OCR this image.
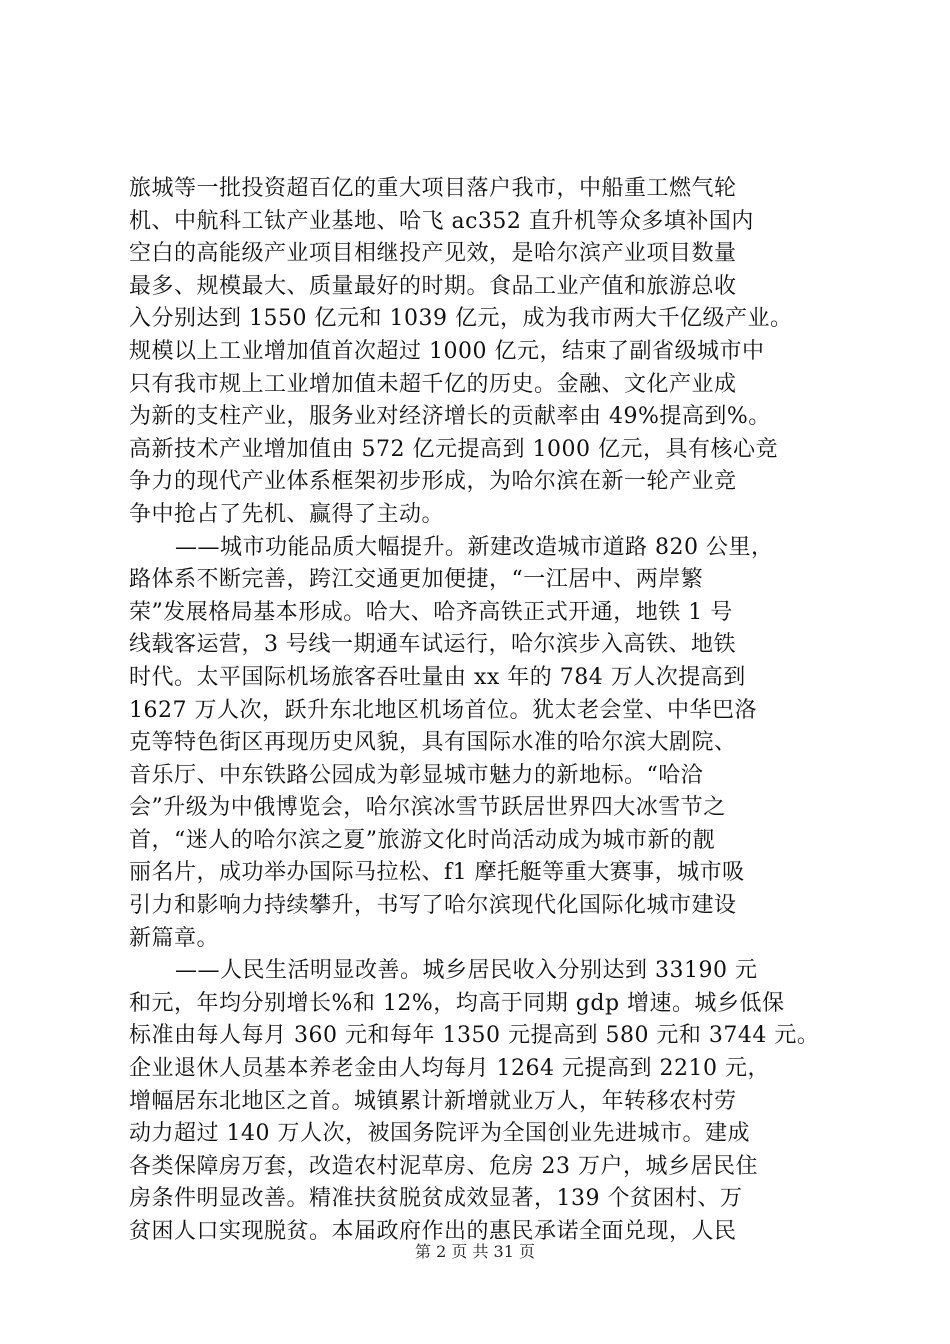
旅城等一批投资超百亿的重大项目落户我市，中船重工燃气轮
机、中航科工钛产业基地、哈飞 ac352 直升机等众多填补国内
空白的高能级产业项目相继投产见效，是哈尔滨产业项目数量
最多、规模最大、质量最好的时期。食品工业产值和旅游总收
入分别达到 1550 亿元和 1039 亿元，成为我市两大千亿级产业。
规模以上工业增加值首次超过 1000 亿元，结束了副省级城市中
只有我市规上工业增加值未超千亿的历史。金融、文化产业成
为新的支柱产业，服务业对经济增长的贡献率由 49%提高到%。
高新技术产业增加值由 572 亿元提高到 1000 亿元，具有核心竞
争力的现代产业体系框架初步形成，为哈尔滨在新一轮产业竞
争中抢占了先机、赢得了主动。
——城市功能品质大幅提升。新建改造城市道路 820 公里，
路体系不断完善，跨江交通更加便捷，“一江居中、两岸繁
荣”发展格局基本形成。哈大、哈齐高铁正式开通，地铁 1 号
线载客运营，3 号线一期通车试运行，哈尔滨步入高铁、地铁
时代。太平国际机场旅客吞吐量由 xx 年的 784 万人次提高到
1627 万人次，跃升东北地区机场首位。犹太老会堂、中华巴洛
克等特色街区再现历史风貌，具有国际水准的哈尔滨大剧院、
音乐厅、中东铁路公园成为彰显城市魅力的新地标。“哈洽
会”升级为中俄博览会，哈尔滨冰雪节跃居世界四大冰雪节之
首，“迷人的哈尔滨之夏”旅游文化时尚活动成为城市新的靓
丽名片，成功举办国际马拉松、f1 摩托艇等重大赛事，城市吸
引力和影响力持续攀升，书写了哈尔滨现代化国际化城市建设
新篇章。
——人民生活明显改善。城乡居民收入分别达到 33190 元
和元，年均分别增长%和 12%，均高于同期 gdp 增速。城乡低保
标准由每人每月 360 元和每年 1350 元提高到 580 元和 3744 元。
企业退休人员基本养老金由人均每月 1264 元提高到 2210 元，
增幅居东北地区之首。城镇累计新增就业万人，年转移农村劳
动力超过 140 万人次，被国务院评为全国创业先进城市。建成
各类保障房万套，改造农村泥草房、危房 23 万户，城乡居民住
房条件明显改善。精准扶贫脱贫成效显著，139 个贫困村、万
贫困人口实现脱贫。本届政府作出的惠民承诺全面兑现，人民
第 2 页 共 31 页
